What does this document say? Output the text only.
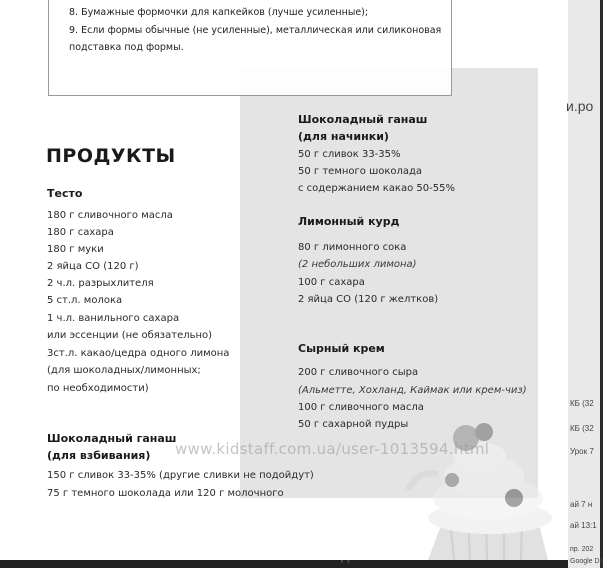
8. Бумажные формочки для капкейков (лучше усиленные);
9. Если формы обычные (не усиленные), металлическая или силиконовая
подставка под формы.
ПРОДУКТЫ
Тесто
180 г сливочного масла
180 г сахара
180 г муки
2 яйца СО (120 г)
2 ч.л. разрыхлителя
5 ст.л. молока
1 ч.л. ванильного сахара
или эссенции (не обязательно)
3ст.л. какао/цедра одного лимона
(для шоколадных/лимонных;
по необходимости)
Шоколадный ганаш
(для взбивания)
150 г сливок 33-35% (другие сливки не подойдут)
75 г темного шоколада или 120 г молочного
Шоколадный ганаш
(для начинки)
50 г сливок 33-35%
50 г темного шоколада
с содержанием какао 50-55%
Лимонный курд
80 г лимонного сока
(2 небольших лимона)
100 г сахара
2 яйца СО (120 г желтков)
Сырный крем
200 г сливочного сыра
(Альметте, Хохланд, Каймак или крем-чиз)
100 г сливочного масла
50 г сахарной пудры
www.kidstaff.com.ua/user-1013594.html
◦ ◦
и.ро
КБ (32
КБ (32
Урок 7
ай 7 н
ай 13:1
пр. 202
Google Dri
